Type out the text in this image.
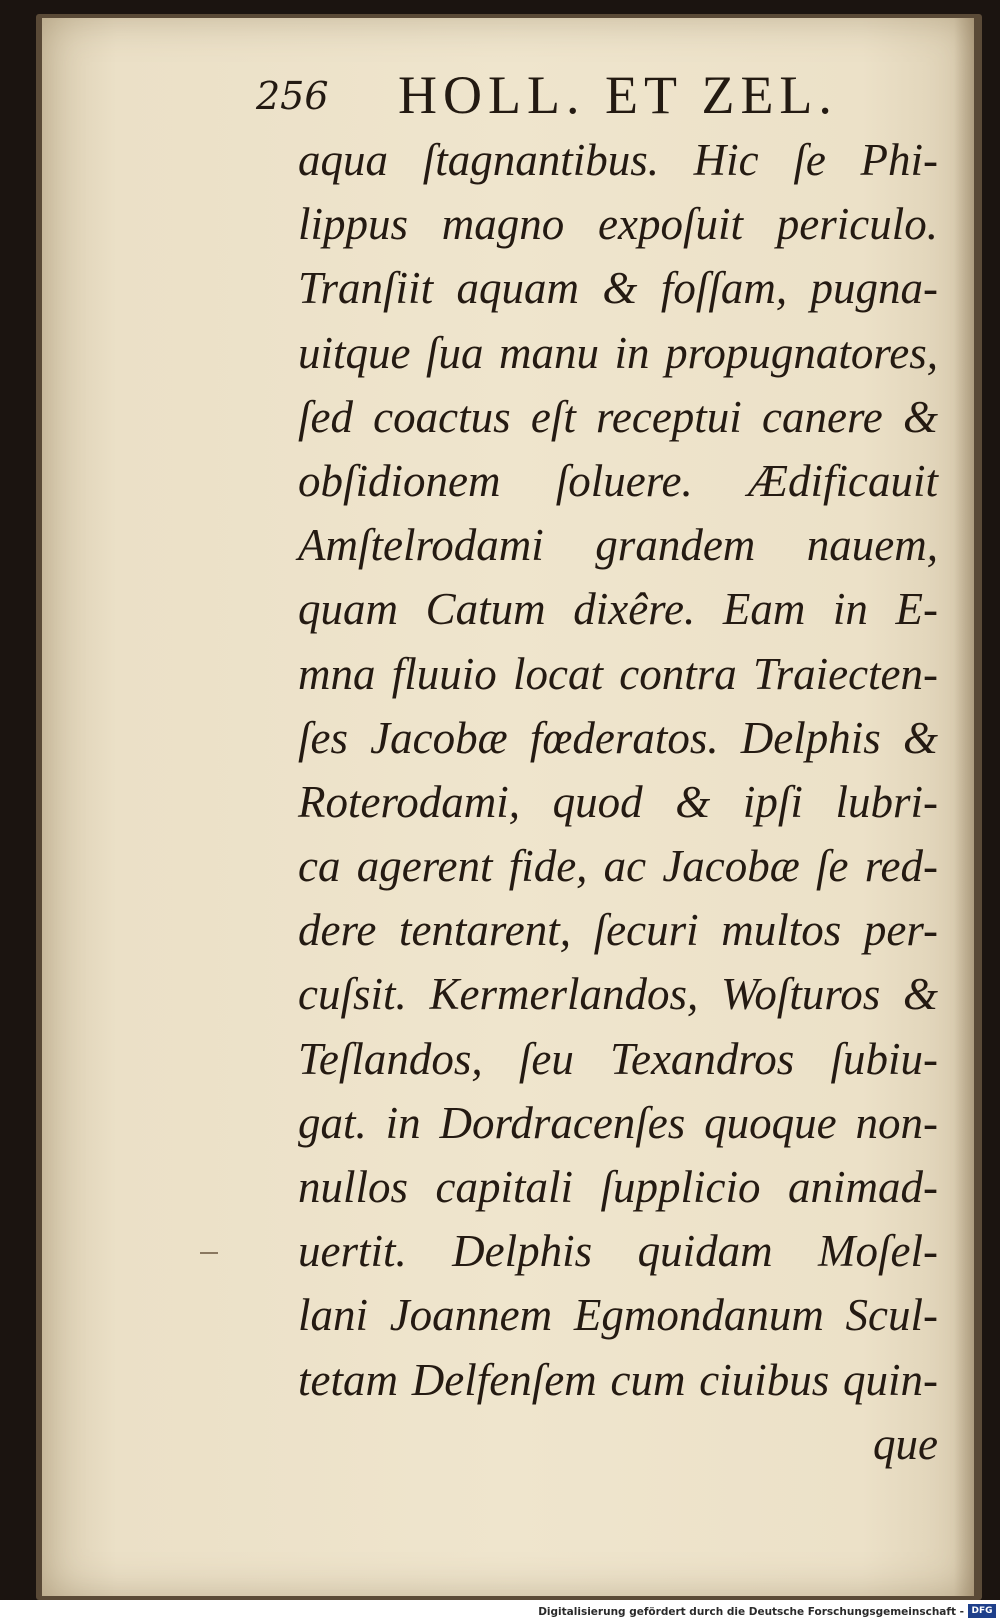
256 HOLL. ET ZEL.
aqua ſtagnantibus. Hic ſe Phi-
lippus magno expoſuit periculo.
Tranſiit aquam & foſſam, pugna-
uitque ſua manu in propugnatores,
ſed coactus eſt receptui canere &
obſidionem ſoluere. Ædificauit
Amſtelrodami grandem nauem,
quam Catum dixêre. Eam in E-
mna fluuio locat contra Traiecten-
ſes Jacobæ fœderatos. Delphis &
Roterodami, quod & ipſi lubri-
ca agerent fide, ac Jacobæ ſe red-
dere tentarent, ſecuri multos per-
cuſsit. Kermerlandos, Woſturos &
Teſlandos, ſeu Texandros ſubiu-
gat. in Dordracenſes quoque non-
nullos capitali ſupplicio animad-
uertit. Delphis quidam Moſel-
lani Joannem Egmondanum Scul-
tetam Delfenſem cum ciuibus quin-
que
Digitalisierung gefördert durch die Deutsche Forschungsgemeinschaft - DFG
